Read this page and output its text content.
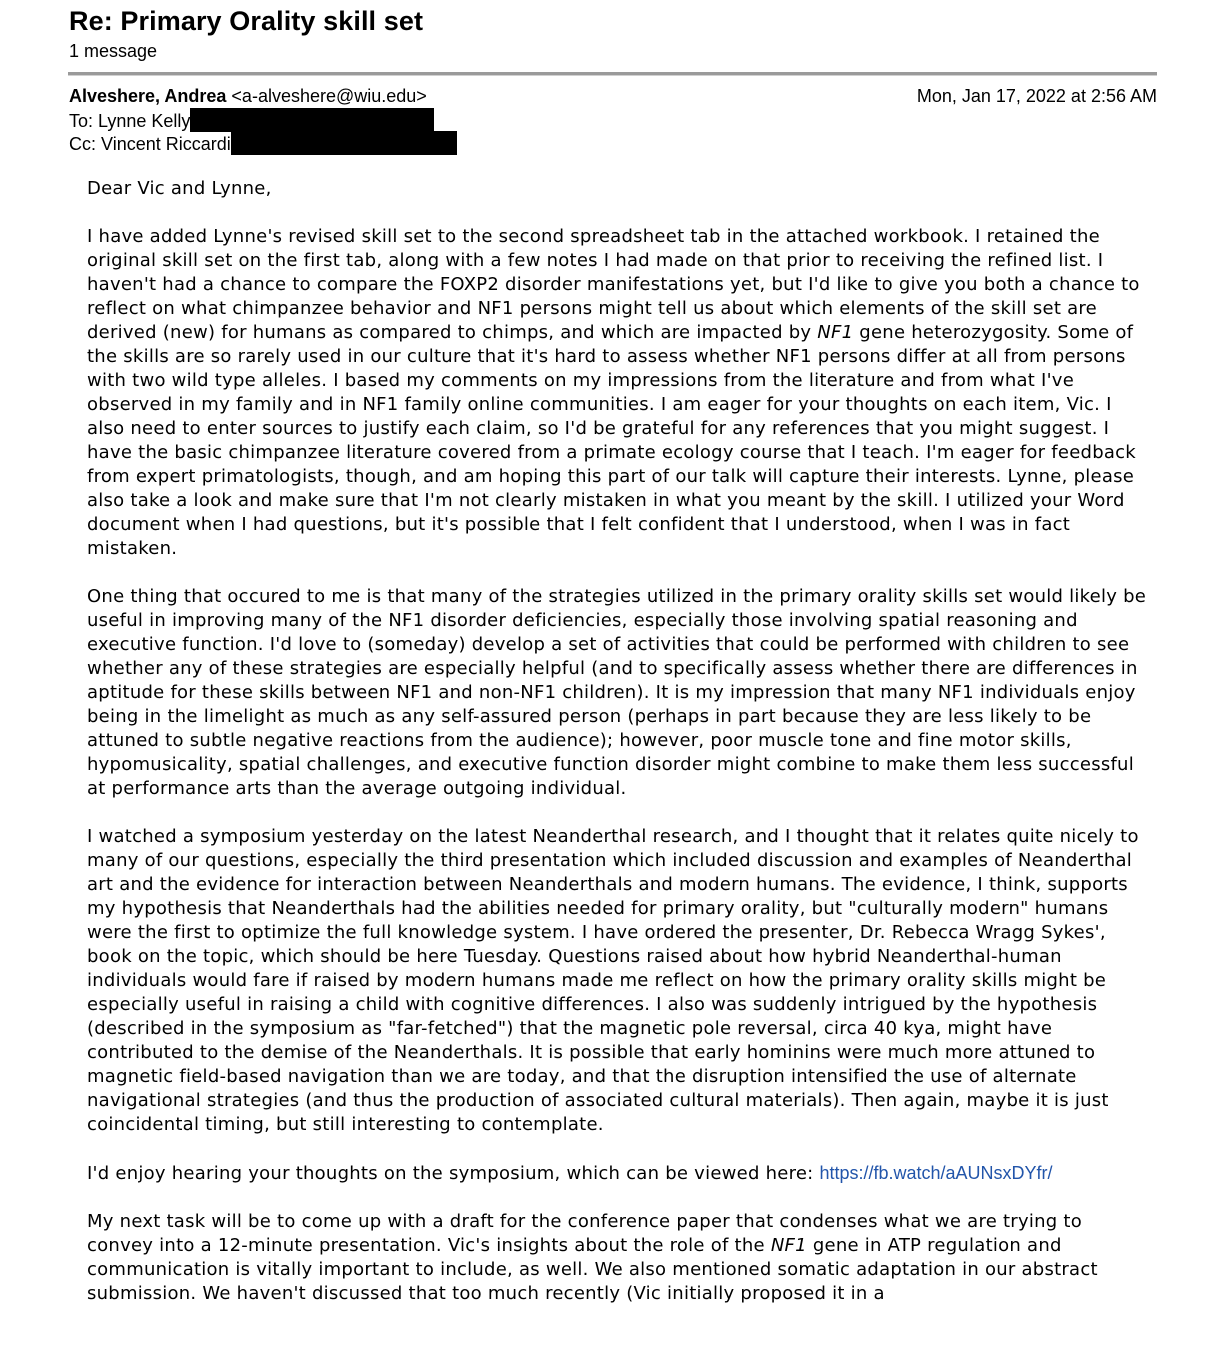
Re: Primary Orality skill set
1 message
Alveshere, Andrea <a-alveshere@wiu.edu>	Mon, Jan 17, 2022 at 2:56 AM
To: Lynne Kelly
Cc: Vincent Riccardi

Dear Vic and Lynne,

I have added Lynne's revised skill set to the second spreadsheet tab in the attached workbook. I retained the original skill set on the first tab, along with a few notes I had made on that prior to receiving the refined list. I haven't had a chance to compare the FOXP2 disorder manifestations yet, but I'd like to give you both a chance to reflect on what chimpanzee behavior and NF1 persons might tell us about which elements of the skill set are derived (new) for humans as compared to chimps, and which are impacted by NF1 gene heterozygosity. Some of the skills are so rarely used in our culture that it's hard to assess whether NF1 persons differ at all from persons with two wild type alleles. I based my comments on my impressions from the literature and from what I've observed in my family and in NF1 family online communities. I am eager for your thoughts on each item, Vic. I also need to enter sources to justify each claim, so I'd be grateful for any references that you might suggest. I have the basic chimpanzee literature covered from a primate ecology course that I teach. I'm eager for feedback from expert primatologists, though, and am hoping this part of our talk will capture their interests. Lynne, please also take a look and make sure that I'm not clearly mistaken in what you meant by the skill. I utilized your Word document when I had questions, but it's possible that I felt confident that I understood, when I was in fact mistaken.

One thing that occured to me is that many of the strategies utilized in the primary orality skills set would likely be useful in improving many of the NF1 disorder deficiencies, especially those involving spatial reasoning and executive function. I'd love to (someday) develop a set of activities that could be performed with children to see whether any of these strategies are especially helpful (and to specifically assess whether there are differences in aptitude for these skills between NF1 and non-NF1 children). It is my impression that many NF1 individuals enjoy being in the limelight as much as any self-assured person (perhaps in part because they are less likely to be attuned to subtle negative reactions from the audience); however, poor muscle tone and fine motor skills, hypomusicality, spatial challenges, and executive function disorder might combine to make them less successful at performance arts than the average outgoing individual.

I watched a symposium yesterday on the latest Neanderthal research, and I thought that it relates quite nicely to many of our questions, especially the third presentation which included discussion and examples of Neanderthal art and the evidence for interaction between Neanderthals and modern humans. The evidence, I think, supports my hypothesis that Neanderthals had the abilities needed for primary orality, but "culturally modern" humans were the first to optimize the full knowledge system. I have ordered the presenter, Dr. Rebecca Wragg Sykes', book on the topic, which should be here Tuesday. Questions raised about how hybrid Neanderthal-human individuals would fare if raised by modern humans made me reflect on how the primary orality skills might be especially useful in raising a child with cognitive differences. I also was suddenly intrigued by the hypothesis (described in the symposium as "far-fetched") that the magnetic pole reversal, circa 40 kya, might have contributed to the demise of the Neanderthals. It is possible that early hominins were much more attuned to magnetic field-based navigation than we are today, and that the disruption intensified the use of alternate navigational strategies (and thus the production of associated cultural materials). Then again, maybe it is just coincidental timing, but still interesting to contemplate.

I'd enjoy hearing your thoughts on the symposium, which can be viewed here: https://fb.watch/aAUNsxDYfr/

My next task will be to come up with a draft for the conference paper that condenses what we are trying to convey into a 12-minute presentation. Vic's insights about the role of the NF1 gene in ATP regulation and communication is vitally important to include, as well. We also mentioned somatic adaptation in our abstract submission. We haven't discussed that too much recently (Vic initially proposed it in a
